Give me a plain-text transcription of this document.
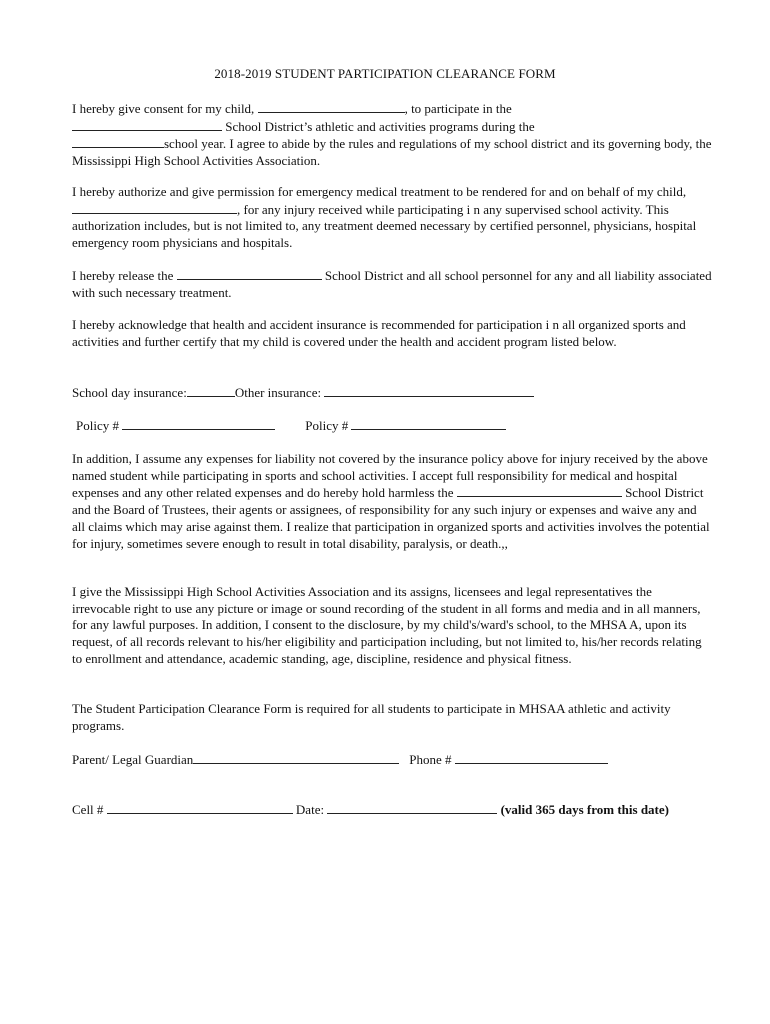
2018-2019 STUDENT PARTICIPATION CLEARANCE FORM
I hereby give consent for my child,	, to participate in the
School District’s athletic and activities programs during the
school year. I agree to abide by the rules and regulations of my school district and its governing body, the Mississippi High School Activities Association.
I hereby authorize and give permission for emergency medical treatment to be rendered for and on behalf of my child, , for any injury received while participating i n any supervised school activity. This authorization includes, but is not limited to, any treatment deemed necessary by certified personnel, physicians, hospital emergency room physicians and hospitals.
I hereby release the	School District and all school personnel for any and all liability associated with such necessary treatment.
I hereby acknowledge that health and accident insurance is recommended for participation i n all organized sports and activities and further certify that my child is covered under the health and accident program listed below.
School day insurance:	Other insurance:
Policy #	Policy #
In addition, I assume any expenses for liability not covered by the insurance policy above for injury received by the above named student while participating in sports and school activities. I accept full responsibility for medical and hospital expenses and any other related expenses and do hereby hold harmless the	School District and the Board of Trustees, their agents or assignees, of responsibility for any such injury or expenses and waive any and all claims which may arise against them. I realize that participation in organized sports and activities involves the potential for injury, sometimes severe enough to result in total disability, paralysis, or death.,,
I give the Mississippi High School Activities Association and its assigns, licensees and legal representatives the irrevocable right to use any picture or image or sound recording of the student in all forms and media and in all manners, for any lawful purposes. In addition, I consent to the disclosure, by my child's/ward's school, to the MHSA A, upon its request, of all records relevant to his/her eligibility and participation including, but not limited to, his/her records relating to enrollment and attendance, academic standing, age, discipline, residence and physical fitness.
The Student Participation Clearance Form is required for all students to participate in MHSAA athletic and activity programs.
Parent/ Legal Guardian	Phone #
Cell #	Date:	(valid 365 days from this date)
